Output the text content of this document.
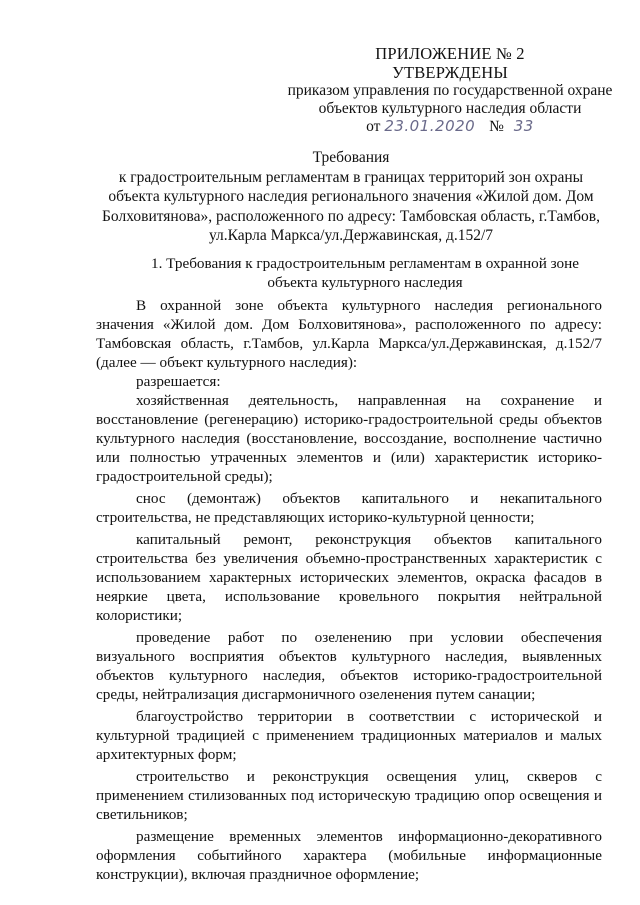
ПРИЛОЖЕНИЕ № 2
УТВЕРЖДЕНЫ
приказом управления по государственной охране
объектов культурного наследия области
от 23.01.2020 № 33
Требования
к градостроительным регламентам в границах территорий зон охраны
объекта культурного наследия регионального значения «Жилой дом. Дом
Болховитянова», расположенного по адресу: Тамбовская область, г.Тамбов,
ул.Карла Маркса/ул.Державинская, д.152/7
1. Требования к градостроительным регламентам в охранной зоне
объекта культурного наследия

В охранной зоне объекта культурного наследия регионального значения «Жилой дом. Дом Болховитянова», расположенного по адресу: Тамбовская область, г.Тамбов, ул.Карла Маркса/ул.Державинская, д.152/7 (далее — объект культурного наследия):

разрешается:

хозяйственная деятельность, направленная на сохранение и восстановление (регенерацию) историко-градостроительной среды объектов культурного наследия (восстановление, воссоздание, восполнение частично или полностью утраченных элементов и (или) характеристик историко-градостроительной среды);

снос (демонтаж) объектов капитального и некапитального строительства, не представляющих историко-культурной ценности;

капитальный ремонт, реконструкция объектов капитального строительства без увеличения объемно-пространственных характеристик с использованием характерных исторических элементов, окраска фасадов в неяркие цвета, использование кровельного покрытия нейтральной колористики;

проведение работ по озеленению при условии обеспечения визуального восприятия объектов культурного наследия, выявленных объектов культурного наследия, объектов историко-градостроительной среды, нейтрализация дисгармоничного озеленения путем санации;

благоустройство территории в соответствии с исторической и культурной традицией с применением традиционных материалов и малых архитектурных форм;

строительство и реконструкция освещения улиц, скверов с применением стилизованных под историческую традицию опор освещения и светильников;

размещение временных элементов информационно-декоративного оформления событийного характера (мобильные информационные конструкции), включая праздничное оформление;
